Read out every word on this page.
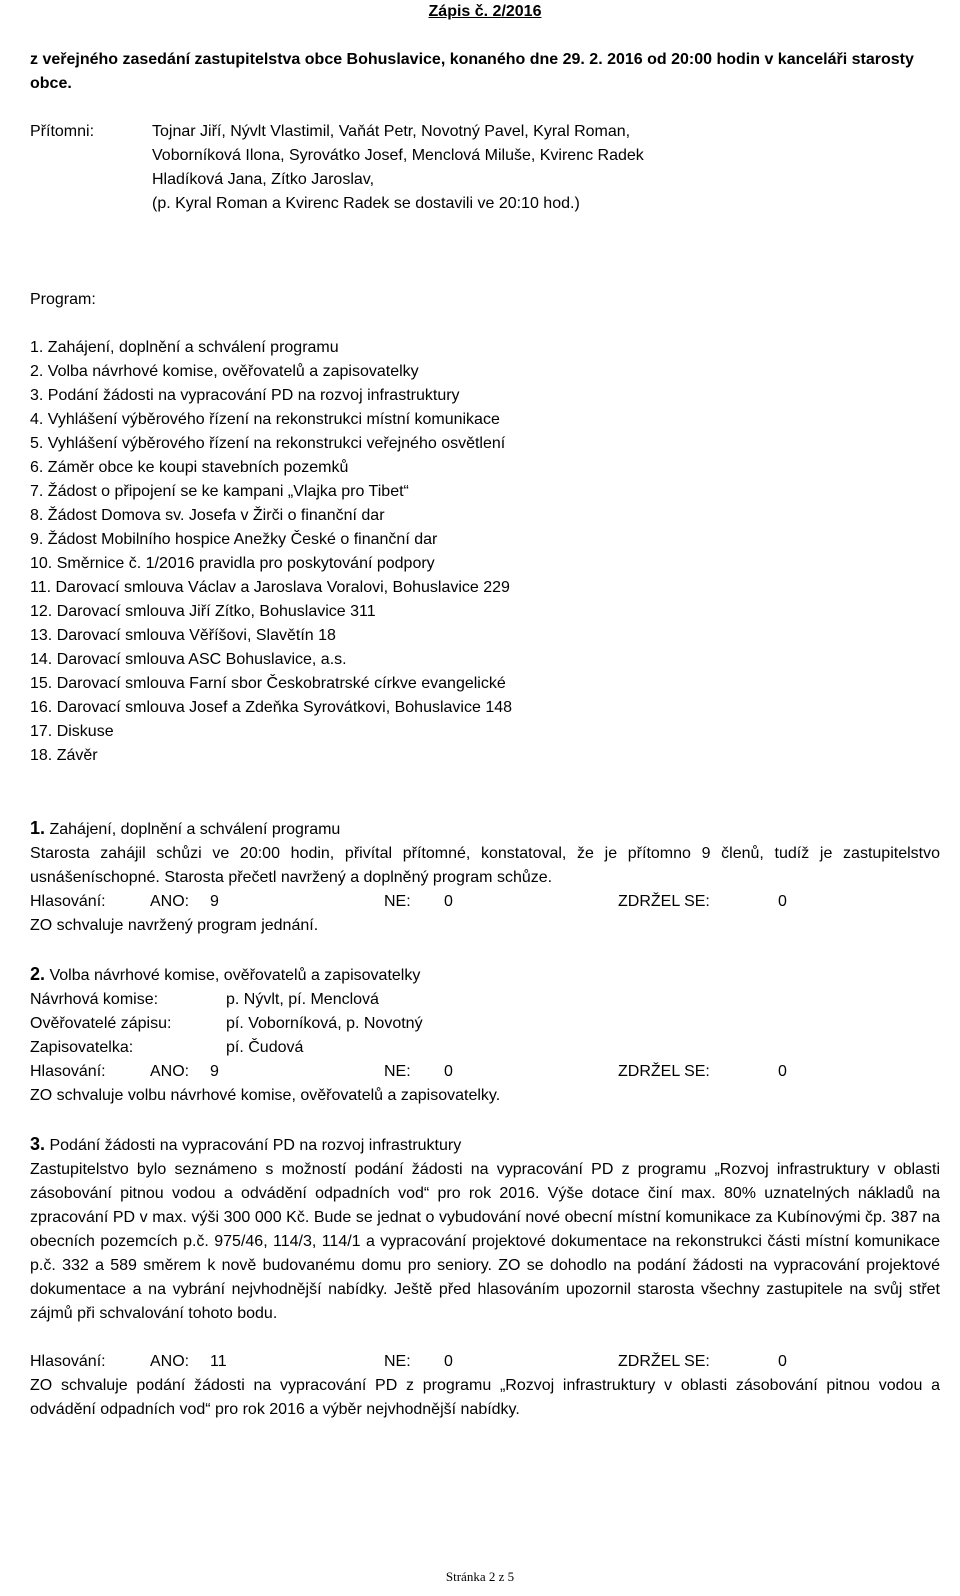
Zápis č. 2/2016
z veřejného zasedání zastupitelstva obce Bohuslavice, konaného dne 29. 2. 2016 od 20:00 hodin v kanceláři starosty obce.
Přítomni:	Tojnar Jiří, Nývlt Vlastimil, Vaňát Petr, Novotný Pavel, Kyral Roman,
Voborníková Ilona, Syrovátko Josef, Menclová Miluše, Kvirenc Radek
Hladíková Jana, Zítko Jaroslav,
(p. Kyral Roman a Kvirenc Radek se dostavili ve 20:10 hod.)
Program:
1. Zahájení, doplnění a schválení programu
2. Volba návrhové komise, ověřovatelů a zapisovatelky
3. Podání žádosti na vypracování PD na rozvoj infrastruktury
4. Vyhlášení výběrového řízení na rekonstrukci místní komunikace
5. Vyhlášení výběrového řízení na rekonstrukci veřejného osvětlení
6. Záměr obce ke koupi stavebních pozemků
7. Žádost o připojení se ke kampani „Vlajka pro Tibet“
8. Žádost Domova sv. Josefa v Žirči o finanční dar
9. Žádost Mobilního hospice Anežky České o finanční dar
10. Směrnice č. 1/2016 pravidla pro poskytování podpory
11. Darovací smlouva Václav a Jaroslava Voralovi, Bohuslavice 229
12. Darovací smlouva Jiří Zítko, Bohuslavice 311
13. Darovací smlouva Věříšovi, Slavětín 18
14. Darovací smlouva ASC Bohuslavice, a.s.
15. Darovací smlouva Farní sbor Českobratrské církve evangelické
16. Darovací smlouva Josef a Zdeňka Syrovátkovi, Bohuslavice 148
17. Diskuse
18. Závěr
1. Zahájení, doplnění a schválení programu
Starosta zahájil schůzi ve 20:00 hodin, přivítal přítomné, konstatoval, že je přítomno 9 členů, tudíž je zastupitelstvo usnášeníschopné. Starosta přečetl navržený a doplněný program schůze.
Hlasování:	ANO:	9	NE:	0	ZDRŽEL SE:	0
ZO schvaluje navržený program jednání.
2. Volba návrhové komise, ověřovatelů a zapisovatelky
Návrhová komise:	p. Nývlt, pí. Menclová
Ověřovatelé zápisu:	pí. Voborníková, p. Novotný
Zapisovatelka:	pí. Čudová
Hlasování:	ANO:	9	NE:	0	ZDRŽEL SE:	0
ZO schvaluje volbu návrhové komise, ověřovatelů a zapisovatelky.
3. Podání žádosti na vypracování PD na rozvoj infrastruktury
Zastupitelstvo bylo seznámeno s možností podání žádosti na vypracování PD z programu „Rozvoj infrastruktury v oblasti zásobování pitnou vodou a odvádění odpadních vod“ pro rok 2016. Výše dotace činí max. 80% uznatelných nákladů na zpracování PD v max. výši 300 000 Kč. Bude se jednat o vybudování nové obecní místní komunikace za Kubínovými čp. 387 na obecních pozemcích p.č. 975/46, 114/3, 114/1 a vypracování projektové dokumentace na rekonstrukci části místní komunikace p.č. 332 a 589 směrem k nově budovanému domu pro seniory. ZO se dohodlo na podání žádosti na vypracování projektové dokumentace a na vybrání nejvhodnější nabídky. Ještě před hlasováním upozornil starosta všechny zastupitele na svůj střet zájmů při schvalování tohoto bodu.
Hlasování:	ANO:	11	NE:	0	ZDRŽEL SE:	0
ZO schvaluje podání žádosti na vypracování PD z programu „Rozvoj infrastruktury v oblasti zásobování pitnou vodou a odvádění odpadních vod“ pro rok 2016 a výběr nejvhodnější nabídky.
Stránka 2 z 5
